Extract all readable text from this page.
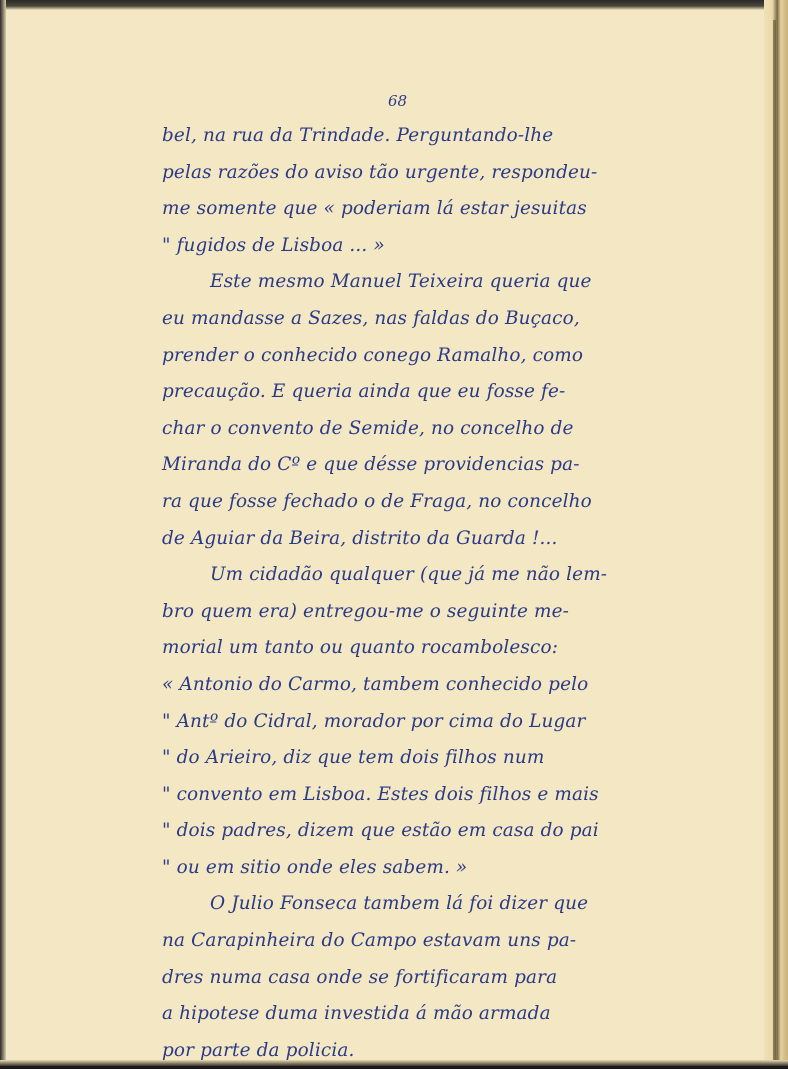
68
bel, na rua da Trindade. Perguntando-lhe
pelas razões do aviso tão urgente, respondeu-
me somente que « poderiam lá estar jesuitas
" fugidos de Lisboa ... »
Este mesmo Manuel Teixeira queria que
eu mandasse a Sazes, nas faldas do Buçaco,
prender o conhecido conego Ramalho, como
precaução. E queria ainda que eu fosse fe-
char o convento de Semide, no concelho de
Miranda do Cº e que désse providencias pa-
ra que fosse fechado o de Fraga, no concelho
de Aguiar da Beira, distrito da Guarda !...
Um cidadão qualquer (que já me não lem-
bro quem era) entregou-me o seguinte me-
morial um tanto ou quanto rocambolesco:
« Antonio do Carmo, tambem conhecido pelo
" Antº do Cidral, morador por cima do Lugar
" do Arieiro, diz que tem dois filhos num
" convento em Lisboa. Estes dois filhos e mais
" dois padres, dizem que estão em casa do pai
" ou em sitio onde eles sabem. »
O Julio Fonseca tambem lá foi dizer que
na Carapinheira do Campo estavam uns pa-
dres numa casa onde se fortificaram para
a hipotese duma investida á mão armada
por parte da policia.
